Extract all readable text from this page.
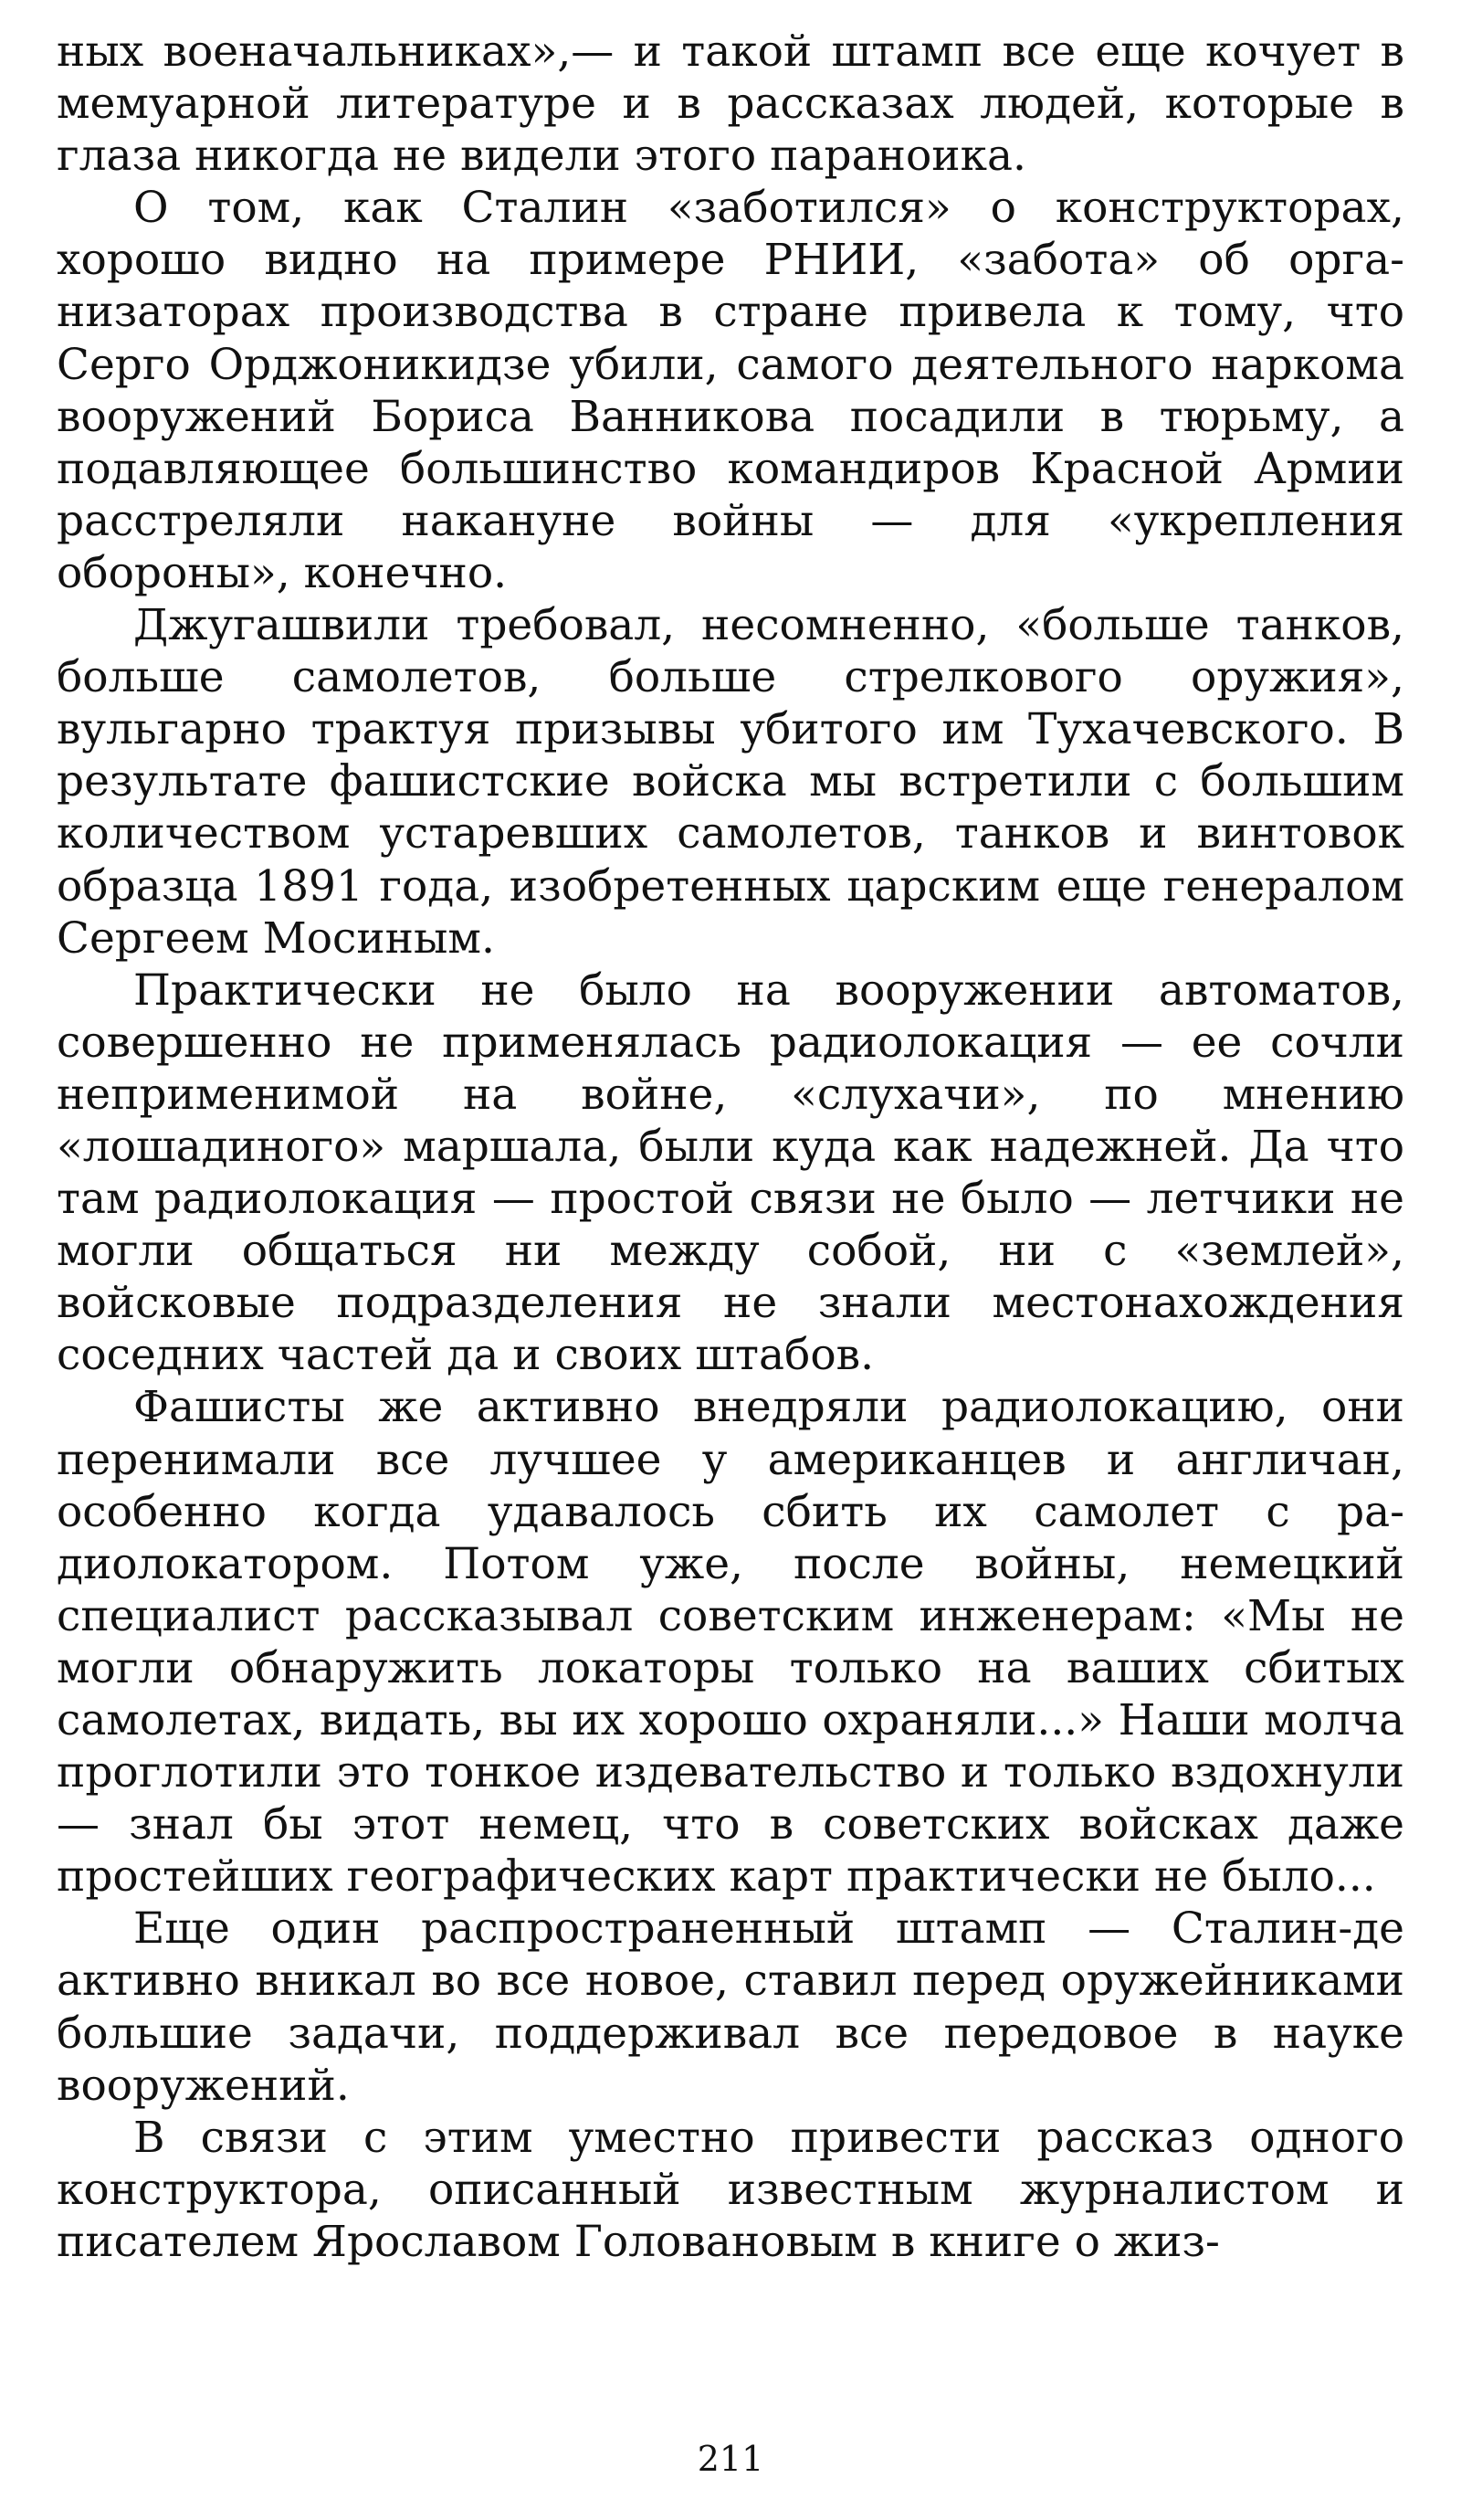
ных военачальниках»,— и такой штамп все еще кочует в мемуарной литературе и в рассказах людей, которые в глаза никогда не видели этого параноика.

О том, как Сталин «заботился» о конструкторах, хорошо видно на примере РНИИ, «забота» об организаторах производства в стране привела к тому, что Серго Орджоникидзе убили, самого деятельного наркома вооружений Бориса Ванникова посадили в тюрьму, а подавляющее большинство командиров Красной Армии расстреляли накануне войны — для «укрепления обороны», конечно.

Джугашвили требовал, несомненно, «больше танков, больше самолетов, больше стрелкового оружия», вульгарно трактуя призывы убитого им Тухачевского. В результате фашистские войска мы встретили с большим количеством устаревших самолетов, танков и винтовок образца 1891 года, изобретенных царским еще генералом Сергеем Мосиным.

Практически не было на вооружении автоматов, совершенно не применялась радиолокация — ее сочли неприменимой на войне, «слухачи», по мнению «лошадиного» маршала, были куда как надежней. Да что там радиолокация — простой связи не было — летчики не могли общаться ни между собой, ни с «землей», войсковые подразделения не знали местонахождения соседних частей да и своих штабов.

Фашисты же активно внедряли радиолокацию, они перенимали все лучшее у американцев и англичан, особенно когда удавалось сбить их самолет с радиолокатором. Потом уже, после войны, немецкий специалист рассказывал советским инженерам: «Мы не могли обнаружить локаторы только на ваших сбитых самолетах, видать, вы их хорошо охраняли...» Наши молча проглотили это тонкое издевательство и только вздохнули — знал бы этот немец, что в советских войсках даже простейших географических карт практически не было...

Еще один распространенный штамп — Сталин-де активно вникал во все новое, ставил перед оружейниками большие задачи, поддерживал все передовое в науке вооружений.

В связи с этим уместно привести рассказ одного конструктора, описанный известным журналистом и писателем Ярославом Головановым в книге о жиз-

211
